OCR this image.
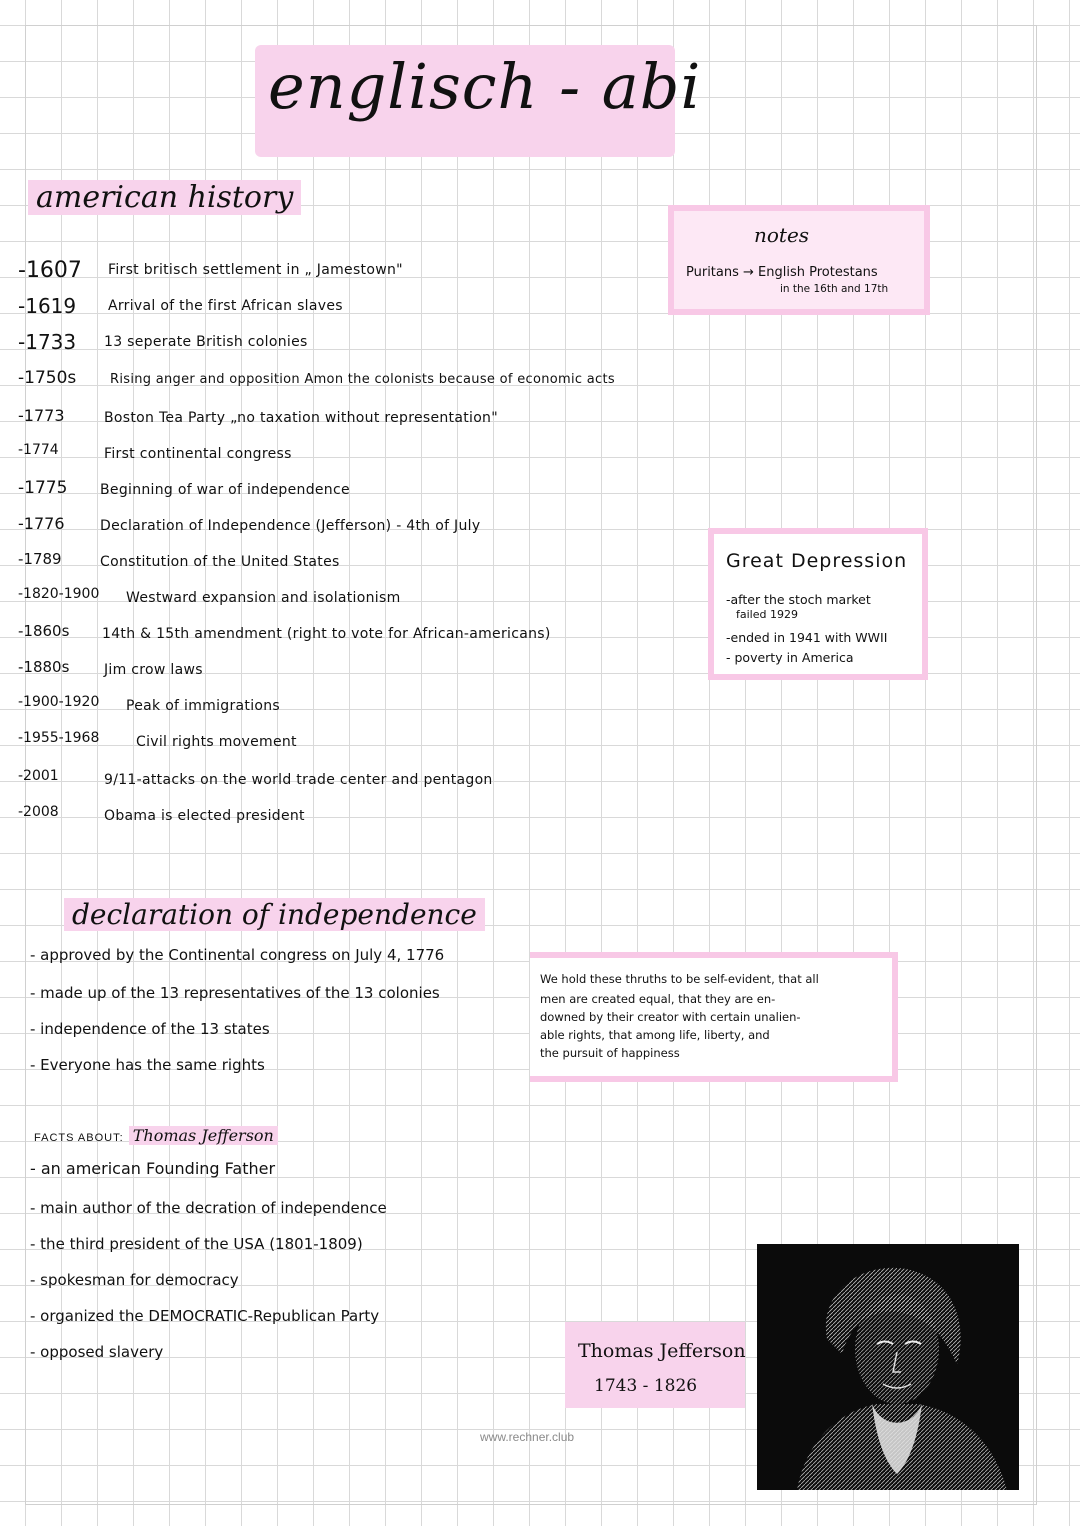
englisch - abi
american history
-1607 First britisch settlement in „ Jamestown"
-1619 Arrival of the first African slaves
-1733 13 seperate British colonies
-1750s	Rising anger and opposition Amon the colonists because of economic acts
-1773	Boston Tea Party „no taxation without representation"
-1774	First continental congress
-1775 Beginning of war of independence
-1776	Declaration of Independence (Jefferson) - 4th of July
-1789	Constitution of the United States
-1820-1900 Westward expansion and isolationism
-1860s 14th & 15th amendment (right to vote for African-americans)
-1880s Jim crow laws
-1900-1920 Peak of immigrations
-1955-1968	Civil rights movement
-2001	9/11-attacks on the world trade center and pentagon
-2008	Obama is elected president
notes
Puritans → English Protestans
in the 16th and 17th
Great Depression
-after the stoch market
failed 1929
-ended in 1941 with WWII
- poverty in America
declaration of independence
- approved by the Continental congress on July 4, 1776
- made up of the 13 representatives of the 13 colonies
- independence of the 13 states
- Everyone has the same rights
We hold these thruths to be self-evident, that all
men are created equal, that they are en-
downed by their creator with certain unalien-
able rights, that among life, liberty, and
the pursuit of happiness
FACTS ABOUT: Thomas Jefferson
- an american Founding Father
- main author of the decration of independence
- the third president of the USA (1801-1809)
- spokesman for democracy
- organized the DEMOCRATIC-Republican Party
- opposed slavery	Thomas Jefferson
1743 - 1826
www.rechner.club
